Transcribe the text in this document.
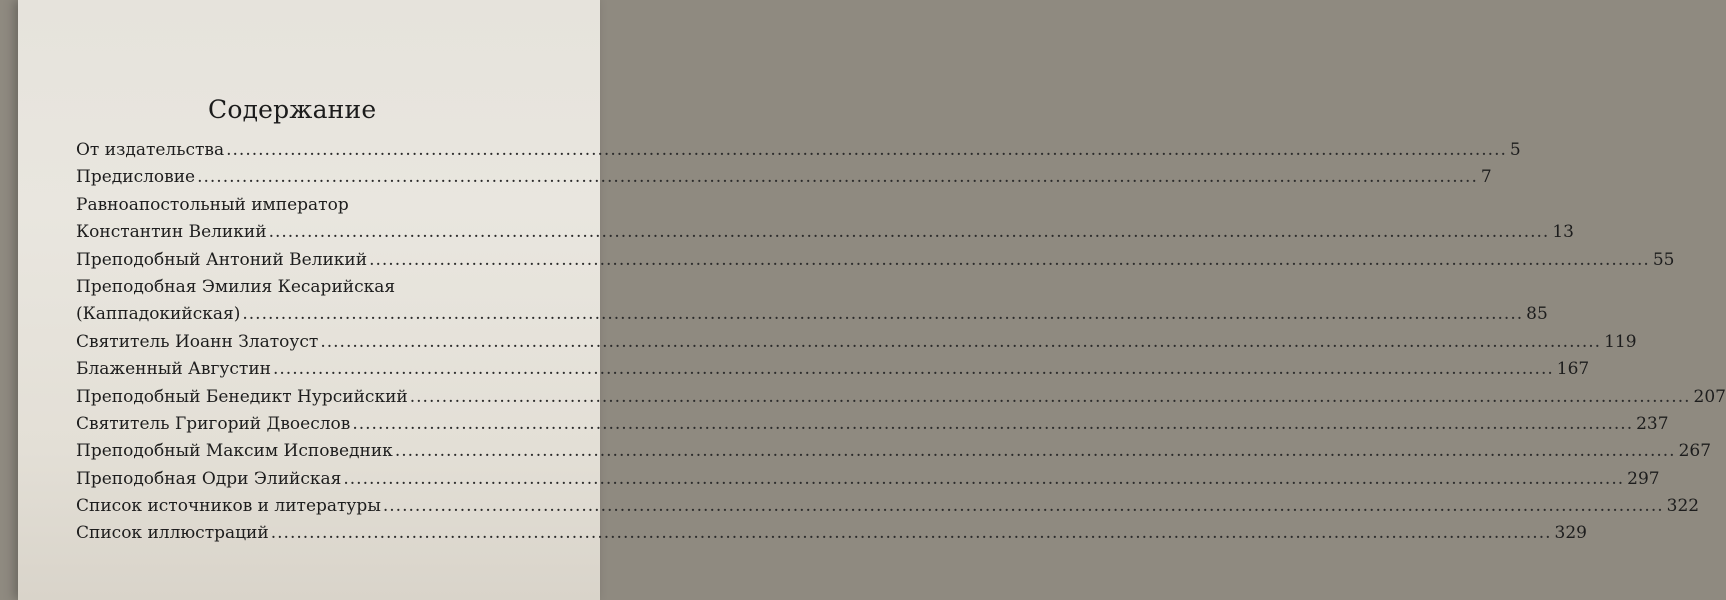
Содержание
От издательства ........................................................................................................................................................................................................ 5
Предисловие ........................................................................................................................................................................................................ 7
Равноапостольный император
Константин Великий ........................................................................................................................................................................................................ 13
Преподобный Антоний Великий ........................................................................................................................................................................................................ 55
Преподобная Эмилия Кесарийская
(Каппадокийская) ........................................................................................................................................................................................................ 85
Святитель Иоанн Златоуст ........................................................................................................................................................................................................ 119
Блаженный Августин ........................................................................................................................................................................................................ 167
Преподобный Бенедикт Нурсийский ........................................................................................................................................................................................................ 207
Святитель Григорий Двоеслов ........................................................................................................................................................................................................ 237
Преподобный Максим Исповедник ........................................................................................................................................................................................................ 267
Преподобная Одри Элийская ........................................................................................................................................................................................................ 297
Список источников и литературы ........................................................................................................................................................................................................ 322
Список иллюстраций ........................................................................................................................................................................................................ 329
